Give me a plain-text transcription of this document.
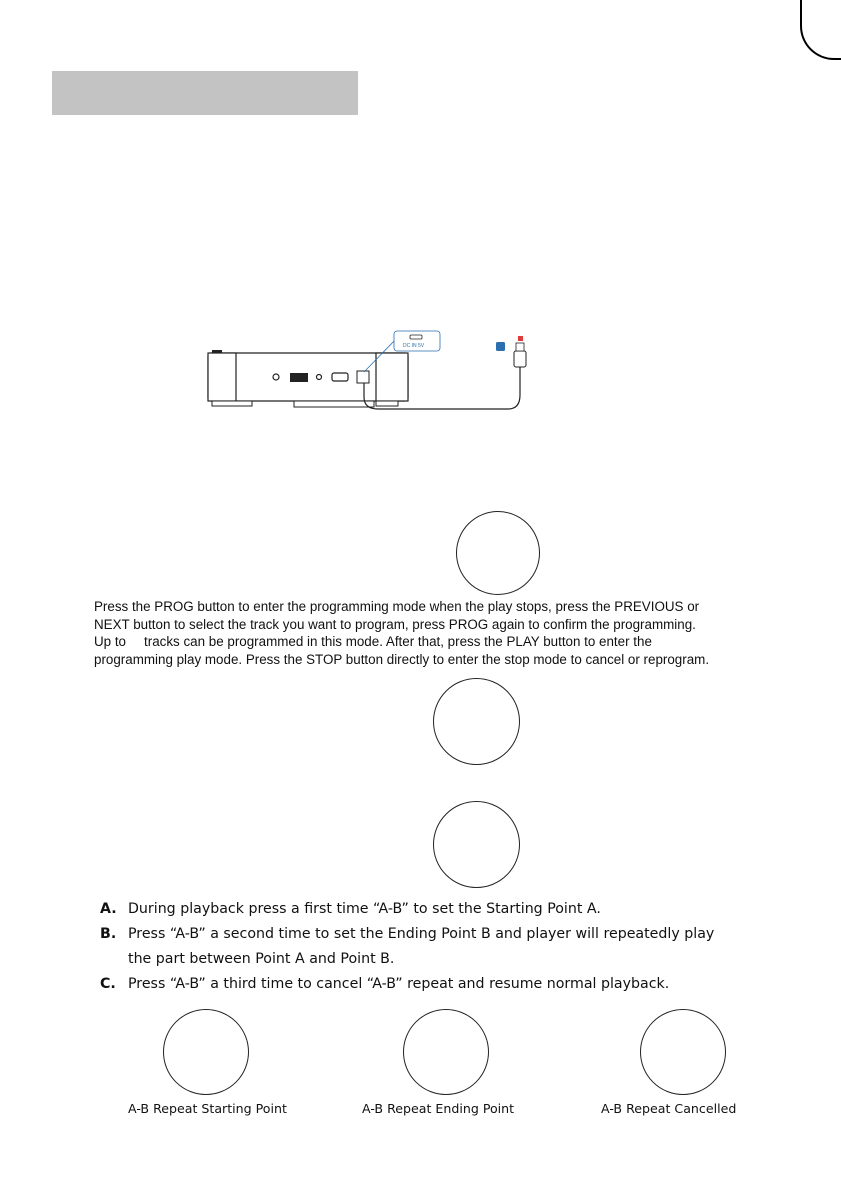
DC IN 5V
Press the PROG button to enter the programming mode when the play stops, press the PREVIOUS or
NEXT button to select the track you want to program, press PROG again to confirm the programming.
Up to tracks can be programmed in this mode. After that, press the PLAY button to enter the
programming play mode. Press the STOP button directly to enter the stop mode to cancel or reprogram.
A. During playback press a first time “A-B” to set the Starting Point A.
B. Press “A-B” a second time to set the Ending Point B and player will repeatedly play the part between Point A and Point B.
C. Press “A-B” a third time to cancel “A-B” repeat and resume normal playback.
A-B Repeat Starting Point	A-B Repeat Ending Point	A-B Repeat Cancelled
